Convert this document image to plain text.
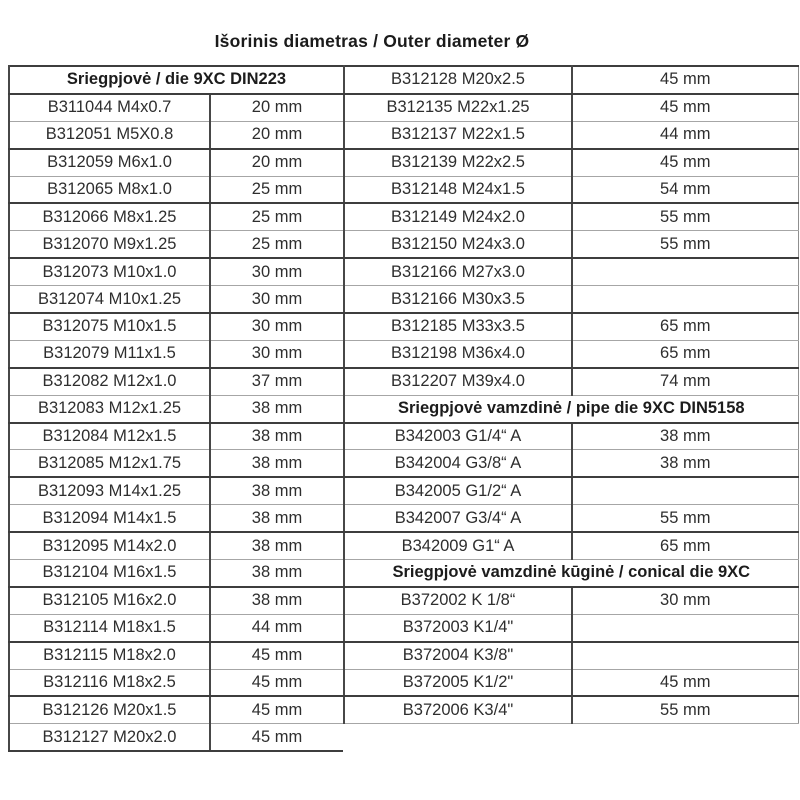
Išorinis diametras / Outer diameter Ø
Sriegpjovė / die 9XC DIN223	
B311044 M4x0.7	20 mm
B312051 M5X0.8	20 mm
B312059 M6x1.0	20 mm
B312065 M8x1.0	25 mm
B312066 M8x1.25	25 mm
B312070 M9x1.25	25 mm
B312073 M10x1.0	30 mm
B312074 M10x1.25	30 mm
B312075 M10x1.5	30 mm
B312079 M11x1.5	30 mm
B312082 M12x1.0	37 mm
B312083 M12x1.25	38 mm
B312084 M12x1.5	38 mm
B312085 M12x1.75	38 mm
B312093 M14x1.25	38 mm
B312094 M14x1.5	38 mm
B312095 M14x2.0	38 mm
B312104 M16x1.5	38 mm
B312105 M16x2.0	38 mm
B312114 M18x1.5	44 mm
B312115 M18x2.0	45 mm
B312116 M18x2.5	45 mm
B312126 M20x1.5	45 mm
B312127 M20x2.0	45 mm
B312128 M20x2.5	45 mm
B312135 M22x1.25	45 mm
B312137 M22x1.5	44 mm
B312139 M22x2.5	45 mm
B312148 M24x1.5	54 mm
B312149 M24x2.0	55 mm
B312150 M24x3.0	55 mm
B312166 M27x3.0	
B312166 M30x3.5	
B312185 M33x3.5	65 mm
B312198 M36x4.0	65 mm
B312207 M39x4.0	74 mm
Sriegpjovė vamzdinė / pipe die 9XC DIN5158	
B342003 G1/4“ A	38 mm
B342004 G3/8“ A	38 mm
B342005 G1/2“ A	
B342007 G3/4“ A	55 mm
B342009 G1“ A	65 mm
Sriegpjovė vamzdinė kūginė / conical die 9XC	
B372002 K 1/8“	30 mm
B372003 K1/4"	
B372004 K3/8"	
B372005 K1/2"	45 mm
B372006 K3/4"	55 mm
